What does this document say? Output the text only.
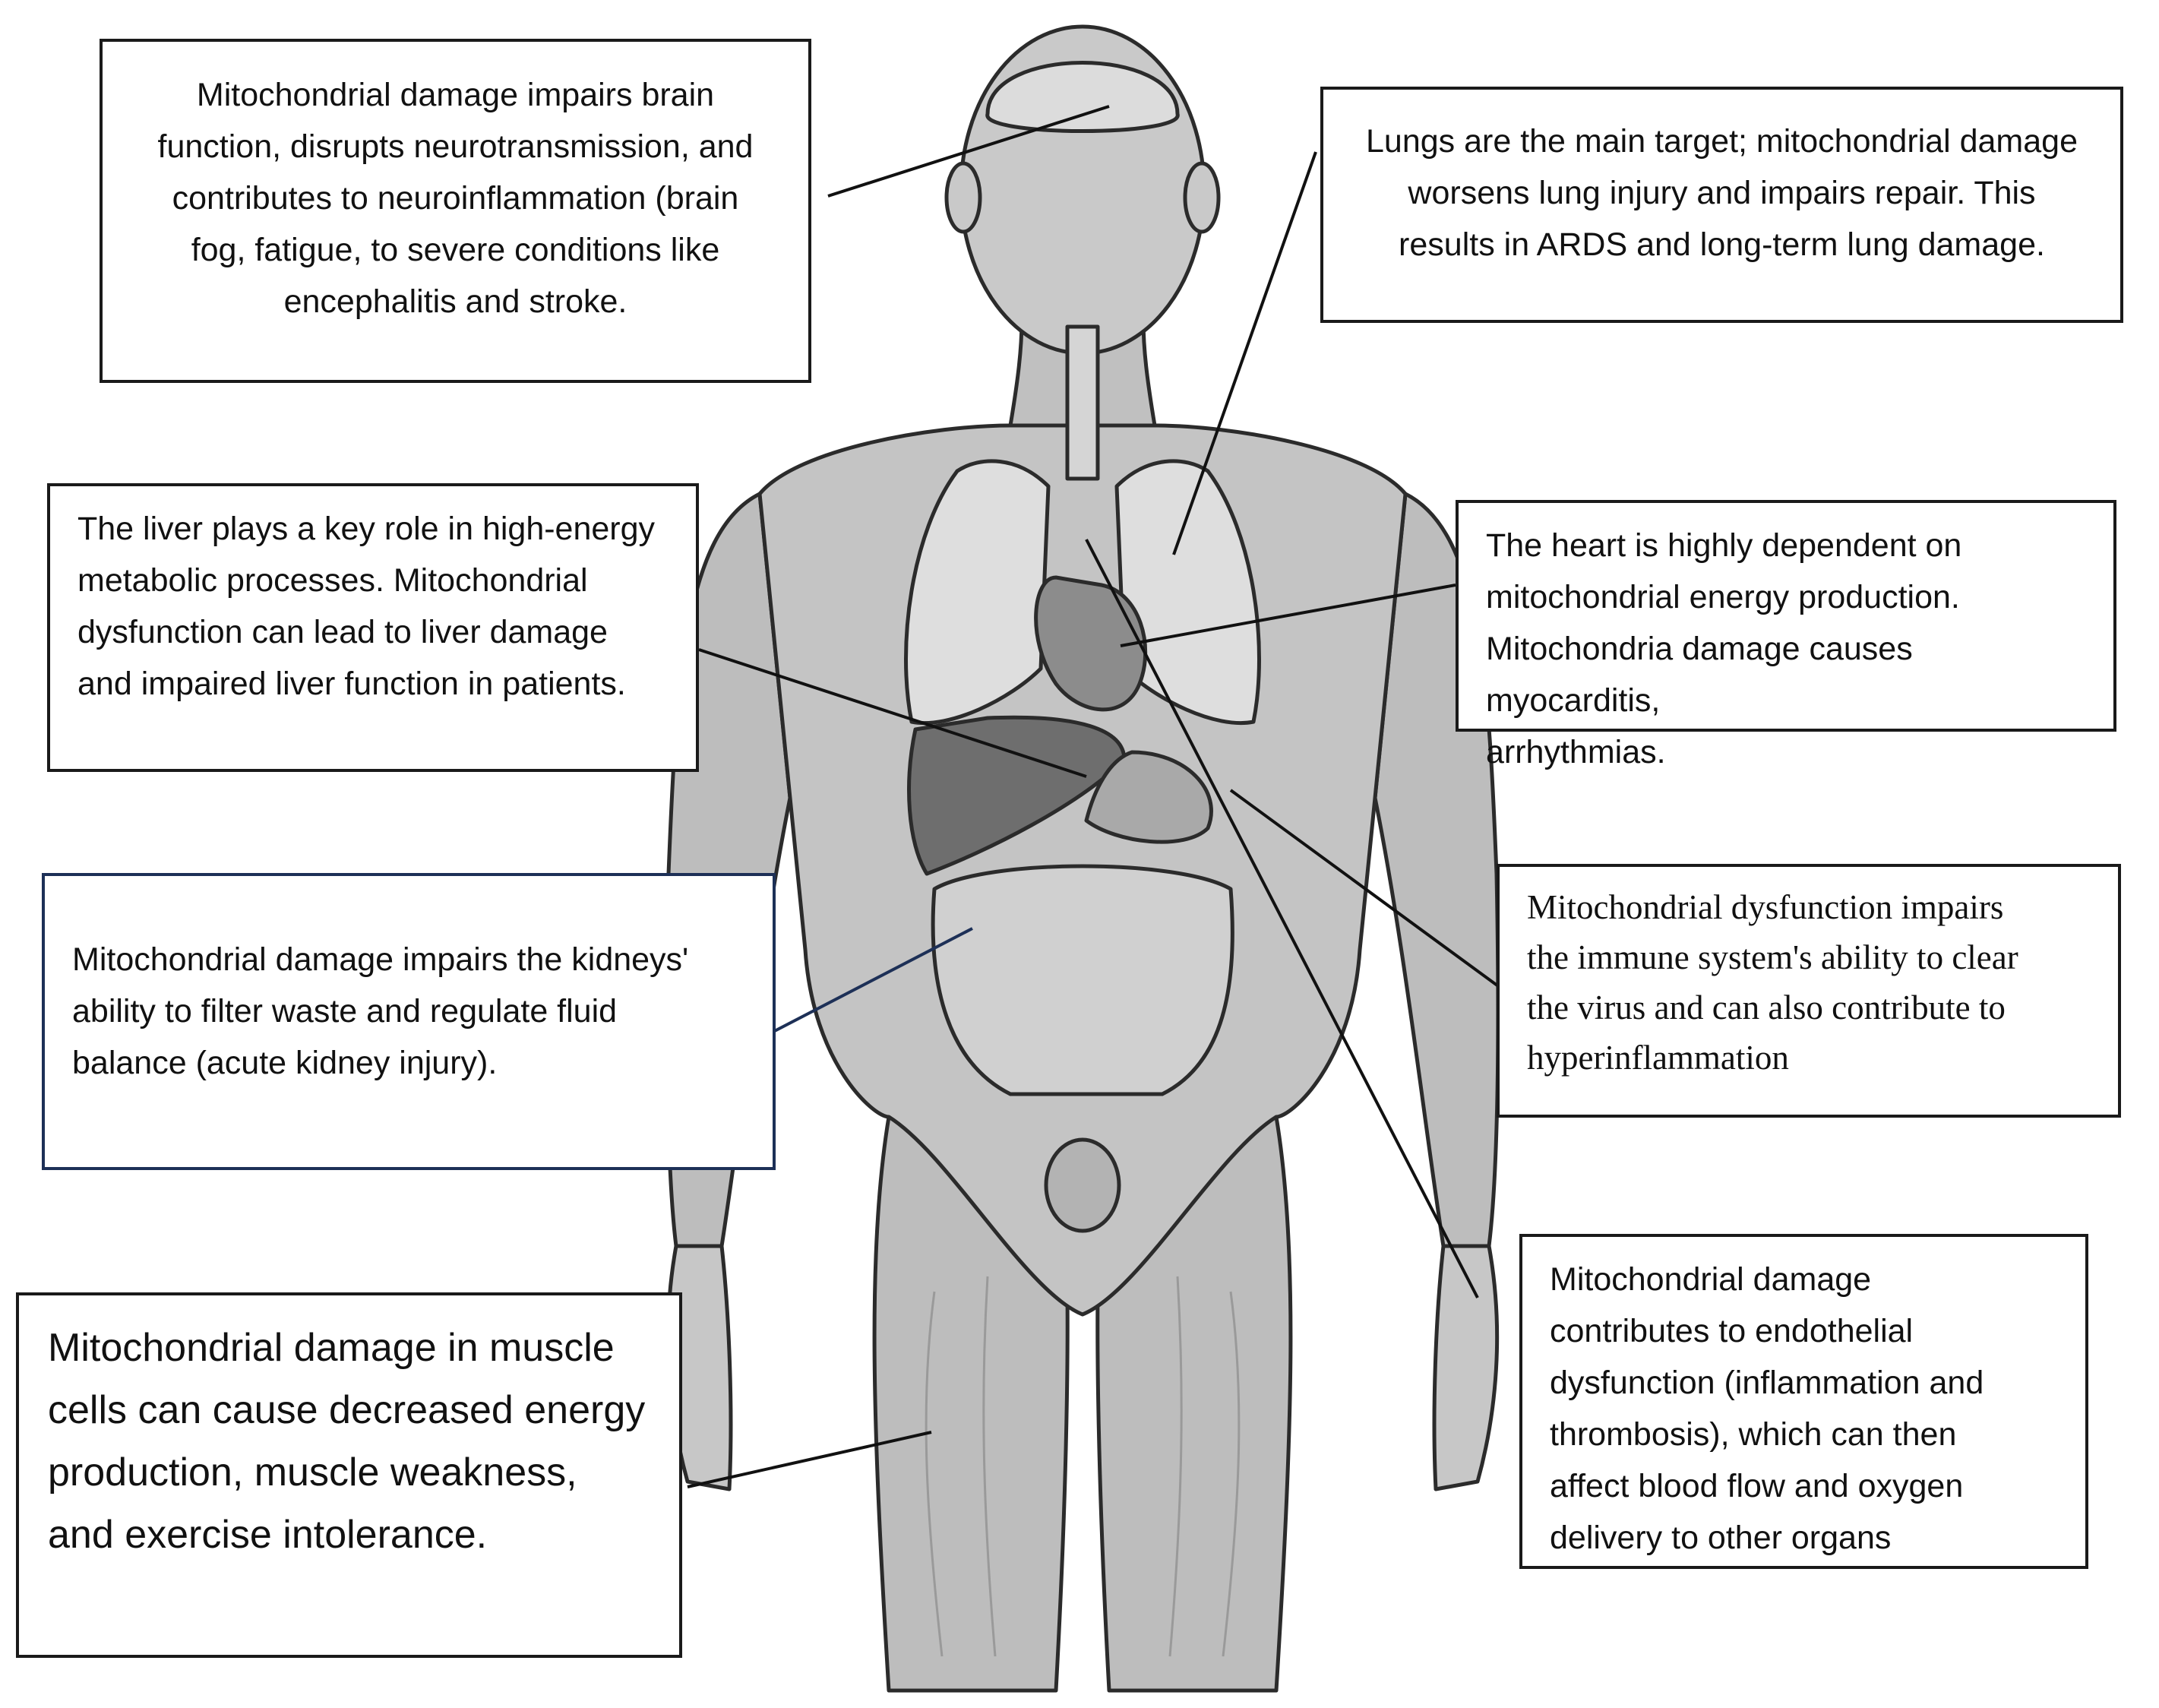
Mitochondrial damage impairs brain
function, disrupts neurotransmission, and
contributes to neuroinflammation (brain
fog, fatigue, to severe conditions like
encephalitis and stroke.
Lungs are the main target; mitochondrial damage
worsens lung injury and impairs repair. This
results in ARDS and long-term lung damage.
The liver plays a key role in high-energy
metabolic processes. Mitochondrial
dysfunction can lead to liver damage
and impaired liver function in patients.
The heart is highly dependent on
mitochondrial energy production.
Mitochondria damage causes myocarditis,
arrhythmias.
Mitochondrial damage impairs the kidneys'
ability to filter waste and regulate fluid
balance (acute kidney injury).
Mitochondrial dysfunction impairs
the immune system's ability to clear
the virus and can also contribute to
hyperinflammation
Mitochondrial damage in muscle
cells can cause decreased energy
production, muscle weakness,
and exercise intolerance.
Mitochondrial damage
contributes to endothelial
dysfunction (inflammation and
thrombosis), which can then
affect blood flow and oxygen
delivery to other organs
